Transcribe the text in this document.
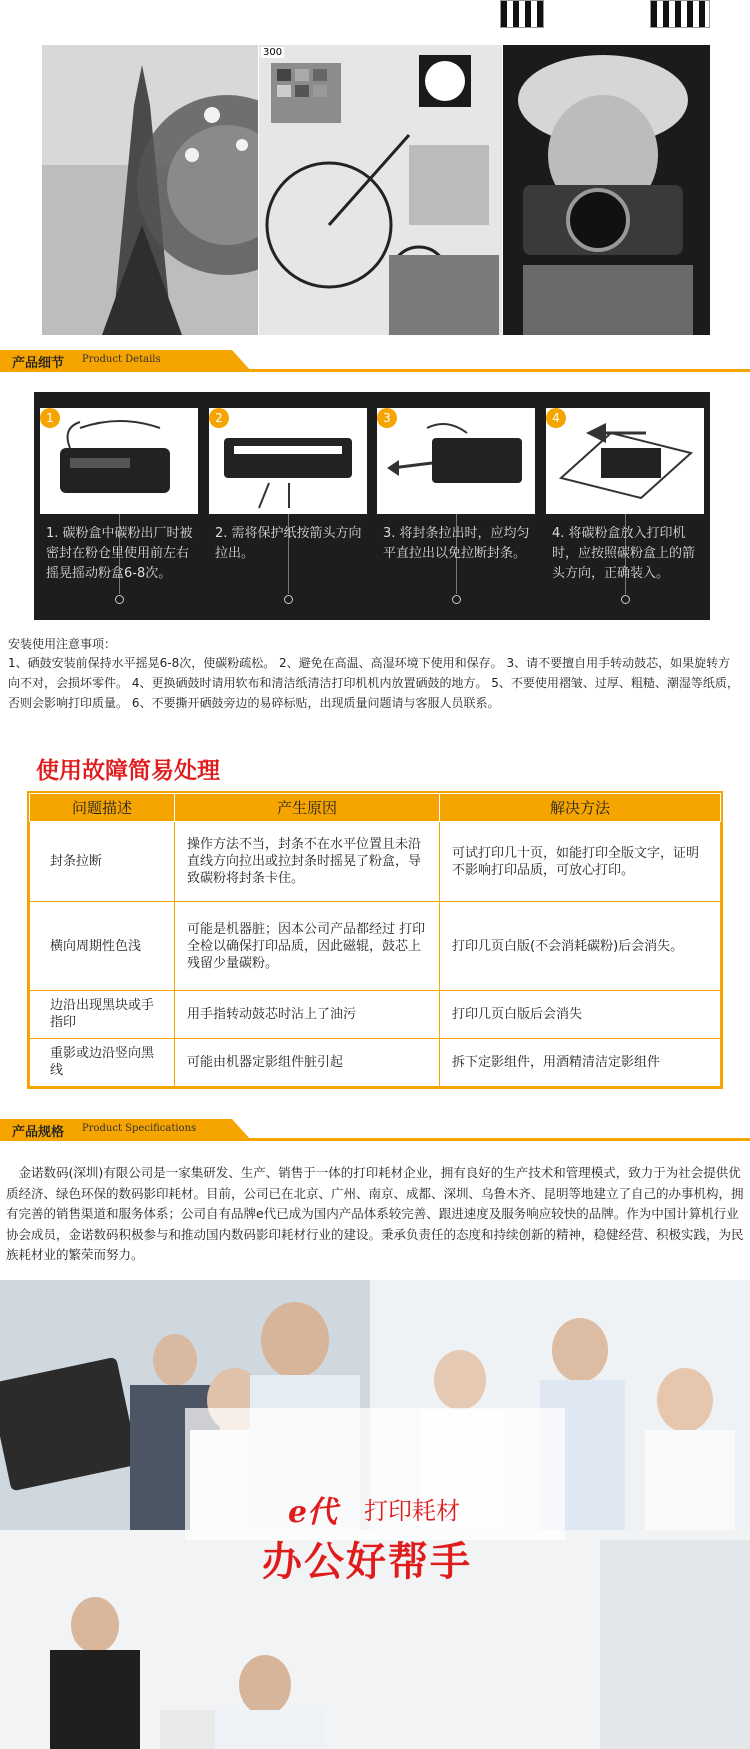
300
产品细节 Product Details
1
1. 碳粉盒中碳粉出厂时被密封在粉仓里使用前左右摇晃摇动粉盒6-8次。
2
2. 需将保护纸按箭头方向拉出。
3
3. 将封条拉出时，应均匀平直拉出以免拉断封条。
4
4. 将碳粉盒放入打印机时，应按照碳粉盒上的箭头方向，正确装入。
安装使用注意事项：
1、硒鼓安装前保持水平摇晃6-8次，使碳粉疏松。 2、避免在高温、高湿环境下使用和保存。 3、请不要擅自用手转动鼓芯，如果旋转方向不对，会损坏零件。 4、更换硒鼓时请用软布和清洁纸清洁打印机机内放置硒鼓的地方。 5、不要使用褶皱、过厚、粗糙、潮湿等纸质，否则会影响打印质量。 6、不要撕开硒鼓旁边的易碎标贴，出现质量问题请与客服人员联系。
使用故障简易处理
问题描述	产生原因	解决方法
封条拉断	操作方法不当，封条不在水平位置且未沿直线方向拉出或拉封条时摇晃了粉盒，导致碳粉将封条卡住。	可试打印几十页，如能打印全版文字，证明不影响打印品质，可放心打印。
横向周期性色浅	可能是机器脏；因本公司产品都经过 打印全检以确保打印品质，因此磁辊，鼓芯上残留少量碳粉。	打印几页白版(不会消耗碳粉)后会消失。
边沿出现黑块或手指印	用手指转动鼓芯时沾上了油污	打印几页白版后会消失
重影或边沿竖向黑线	可能由机器定影组件脏引起	拆下定影组件，用酒精清洁定影组件
产品规格 Product Specifications
金诺数码(深圳)有限公司是一家集研发、生产、销售于一体的打印耗材企业，拥有良好的生产技术和管理模式，致力于为社会提供优质经济、绿色环保的数码影印耗材。目前，公司已在北京、广州、南京、成都、深圳、乌鲁木齐、昆明等地建立了自己的办事机构，拥有完善的销售渠道和服务体系；公司自有品牌e代已成为国内产品体系较完善、跟进速度及服务响应较快的品牌。作为中国计算机行业协会成员，金诺数码积极参与和推动国内数码影印耗材行业的建设。秉承负责任的态度和持续创新的精神，稳健经营、积极实践，为民族耗材业的繁荣而努力。
e代 打印耗材
办公好帮手
